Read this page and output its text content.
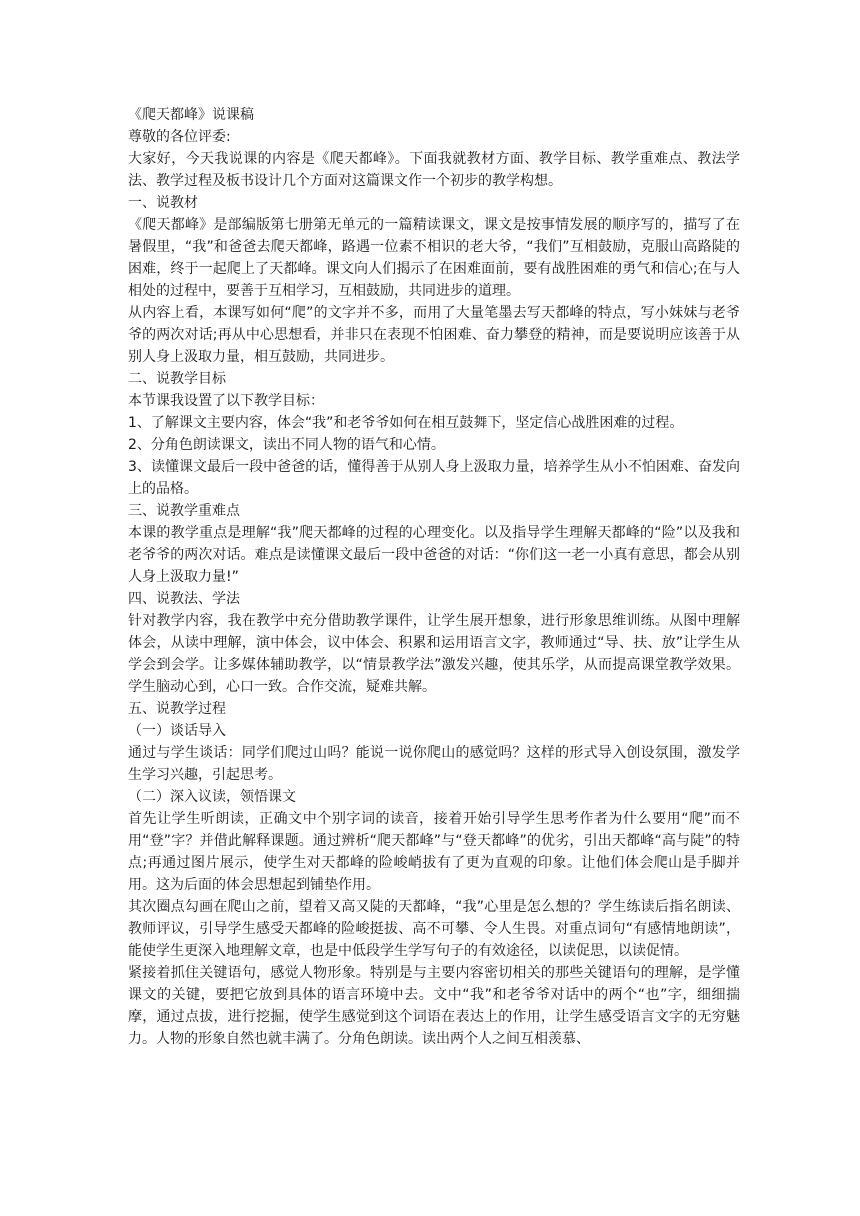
《爬天都峰》说课稿

尊敬的各位评委:

大家好，今天我说课的内容是《爬天都峰》。下面我就教材方面、教学目标、教学重难点、教法学法、教学过程及板书设计几个方面对这篇课文作一个初步的教学构想。

一、说教材

《爬天都峰》是部编版第七册第无单元的一篇精读课文，课文是按事情发展的顺序写的，描写了在暑假里，“我”和爸爸去爬天都峰，路遇一位素不相识的老大爷，“我们”互相鼓励，克服山高路陡的困难，终于一起爬上了天都峰。课文向人们揭示了在困难面前，要有战胜困难的勇气和信心;在与人相处的过程中，要善于互相学习，互相鼓励，共同进步的道理。

从内容上看，本课写如何“爬”的文字并不多，而用了大量笔墨去写天都峰的特点，写小妹妹与老爷爷的两次对话;再从中心思想看，并非只在表现不怕困难、奋力攀登的精神，而是要说明应该善于从别人身上汲取力量，相互鼓励，共同进步。

二、说教学目标

本节课我设置了以下教学目标：

1、了解课文主要内容，体会“我”和老爷爷如何在相互鼓舞下，坚定信心战胜困难的过程。

2、分角色朗读课文，读出不同人物的语气和心情。

3、读懂课文最后一段中爸爸的话，懂得善于从别人身上汲取力量，培养学生从小不怕困难、奋发向上的品格。

三、说教学重难点

本课的教学重点是理解“我”爬天都峰的过程的心理变化。以及指导学生理解天都峰的“险”以及我和老爷爷的两次对话。难点是读懂课文最后一段中爸爸的对话：“你们这一老一小真有意思，都会从别人身上汲取力量!”

四、说教法、学法

针对教学内容，我在教学中充分借助教学课件，让学生展开想象，进行形象思维训练。从图中理解体会，从读中理解，演中体会，议中体会、积累和运用语言文字，教师通过“导、扶、放”让学生从学会到会学。让多媒体辅助教学，以“情景教学法”激发兴趣，使其乐学，从而提高课堂教学效果。学生脑动心到，心口一致。合作交流，疑难共解。

五、说教学过程

（一）谈话导入

通过与学生谈话：同学们爬过山吗？能说一说你爬山的感觉吗？这样的形式导入创设氛围，激发学生学习兴趣，引起思考。

（二）深入议读，领悟课文

首先让学生听朗读，正确文中个别字词的读音，接着开始引导学生思考作者为什么要用“爬”而不用“登”字？并借此解释课题。通过辨析“爬天都峰”与“登天都峰”的优劣，引出天都峰“高与陡”的特点;再通过图片展示，使学生对天都峰的险峻峭拔有了更为直观的印象。让他们体会爬山是手脚并用。这为后面的体会思想起到铺垫作用。

其次圈点勾画在爬山之前，望着又高又陡的天都峰，“我”心里是怎么想的？学生练读后指名朗读、教师评议，引导学生感受天都峰的险峻挺拔、高不可攀、令人生畏。对重点词句“有感情地朗读”，能使学生更深入地理解文章，也是中低段学生学写句子的有效途径，以读促思，以读促情。

紧接着抓住关键语句，感觉人物形象。特别是与主要内容密切相关的那些关键语句的理解，是学懂课文的关键，要把它放到具体的语言环境中去。文中“我”和老爷爷对话中的两个“也”字，细细揣摩，通过点拔，进行挖掘，使学生感觉到这个词语在表达上的作用，让学生感受语言文字的无穷魅力。人物的形象自然也就丰满了。分角色朗读。读出两个人之间互相羡慕、
